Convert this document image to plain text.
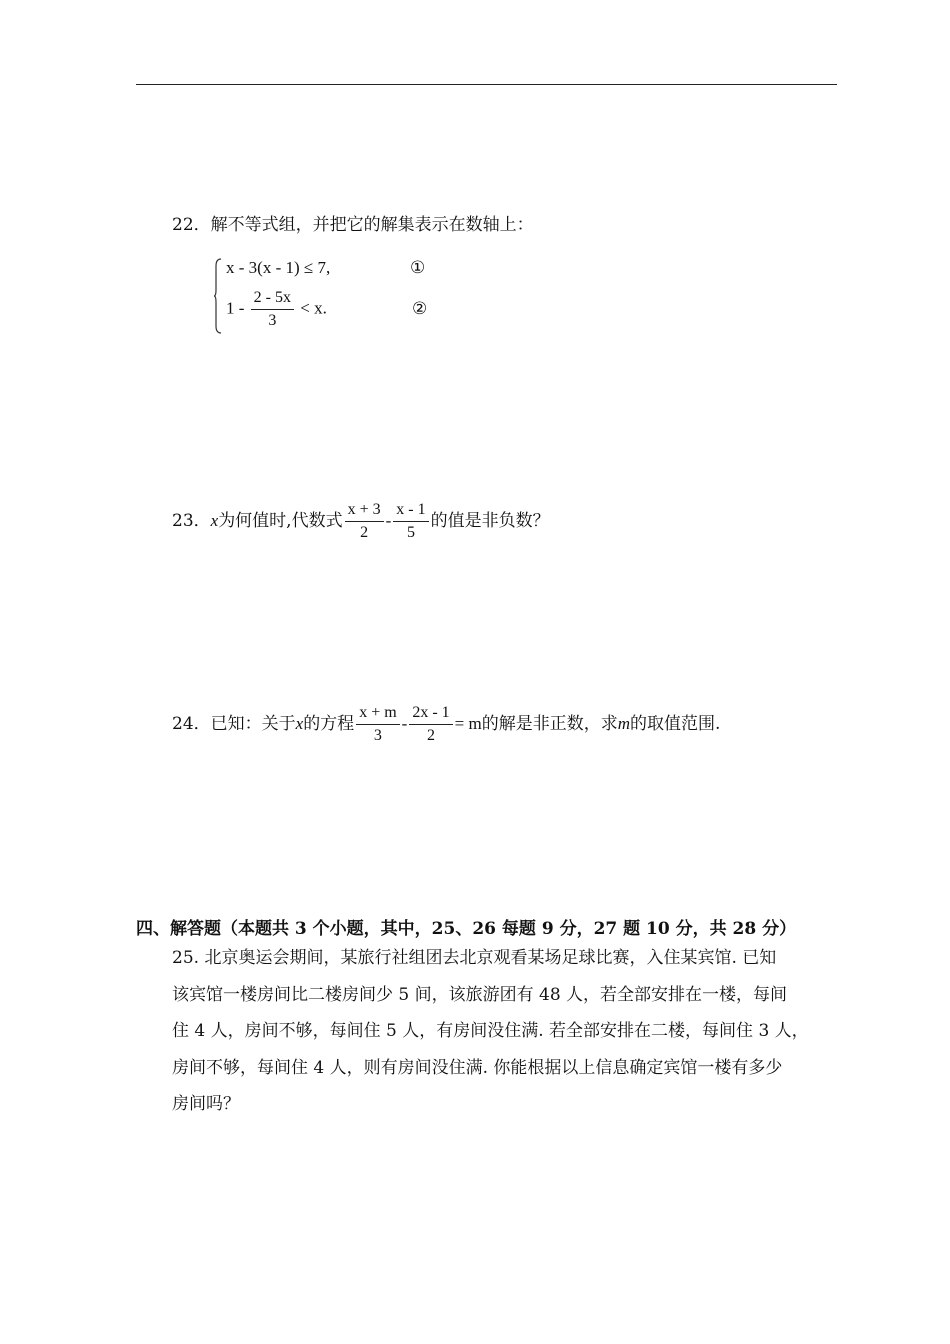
22．解不等式组，并把它的解集表示在数轴上：
x - 3(x - 1) ≤ 7,	①
$1 - \frac{2 - 5x}{3} < x$.	②
23．x为何值时,代数式 $\frac{x + 3}{2} - \frac{x - 1}{5}$ 的值是非负数？
24．已知：关于x的方程 $\frac{x + m}{3} - \frac{2x - 1}{2} = m$的解是非正数，求m的取值范围.
四、解答题（本题共 3 个小题，其中，25、26 每题 9 分，27 题 10 分，共 28 分）

25. 北京奥运会期间，某旅行社组团去北京观看某场足球比赛，入住某宾馆. 已知

该宾馆一楼房间比二楼房间少 5 间，该旅游团有 48 人，若全部安排在一楼，每间

住 4 人，房间不够，每间住 5 人，有房间没住满. 若全部安排在二楼，每间住 3 人，

房间不够，每间住 4 人，则有房间没住满. 你能根据以上信息确定宾馆一楼有多少

房间吗？
